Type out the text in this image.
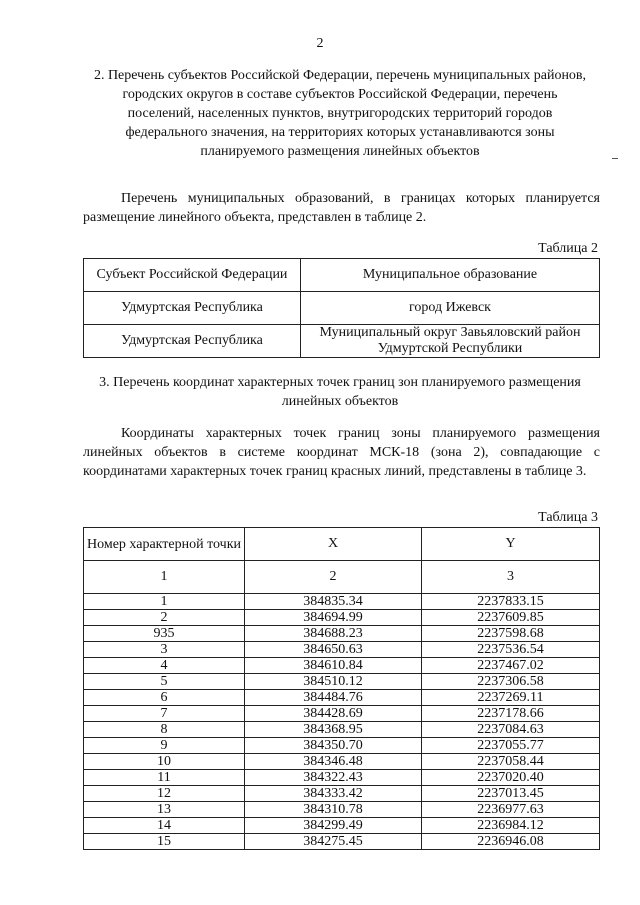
2
2. Перечень субъектов Российской Федерации, перечень муниципальных районов, городских округов в составе субъектов Российской Федерации, перечень поселений, населенных пунктов, внутригородских территорий городов федерального значения, на территориях которых устанавливаются зоны планируемого размещения линейных объектов
Перечень муниципальных образований, в границах которых планируется размещение линейного объекта, представлен в таблице 2.
Таблица 2
Субъект Российской Федерации	Муниципальное образование
Удмуртская Республика	город Ижевск
Удмуртская Республика	Муниципальный округ Завьяловский район Удмуртской Республики
3. Перечень координат характерных точек границ зон планируемого размещения линейных объектов
Координаты характерных точек границ зоны планируемого размещения линейных объектов в системе координат МСК-18 (зона 2), совпадающие с координатами характерных точек границ красных линий, представлены в таблице 3.
Таблица 3
Номер характерной точки	X	Y
1	2	3
1	384835.34	2237833.15
2	384694.99	2237609.85
935	384688.23	2237598.68
3	384650.63	2237536.54
4	384610.84	2237467.02
5	384510.12	2237306.58
6	384484.76	2237269.11
7	384428.69	2237178.66
8	384368.95	2237084.63
9	384350.70	2237055.77
10	384346.48	2237058.44
11	384322.43	2237020.40
12	384333.42	2237013.45
13	384310.78	2236977.63
14	384299.49	2236984.12
15	384275.45	2236946.08
